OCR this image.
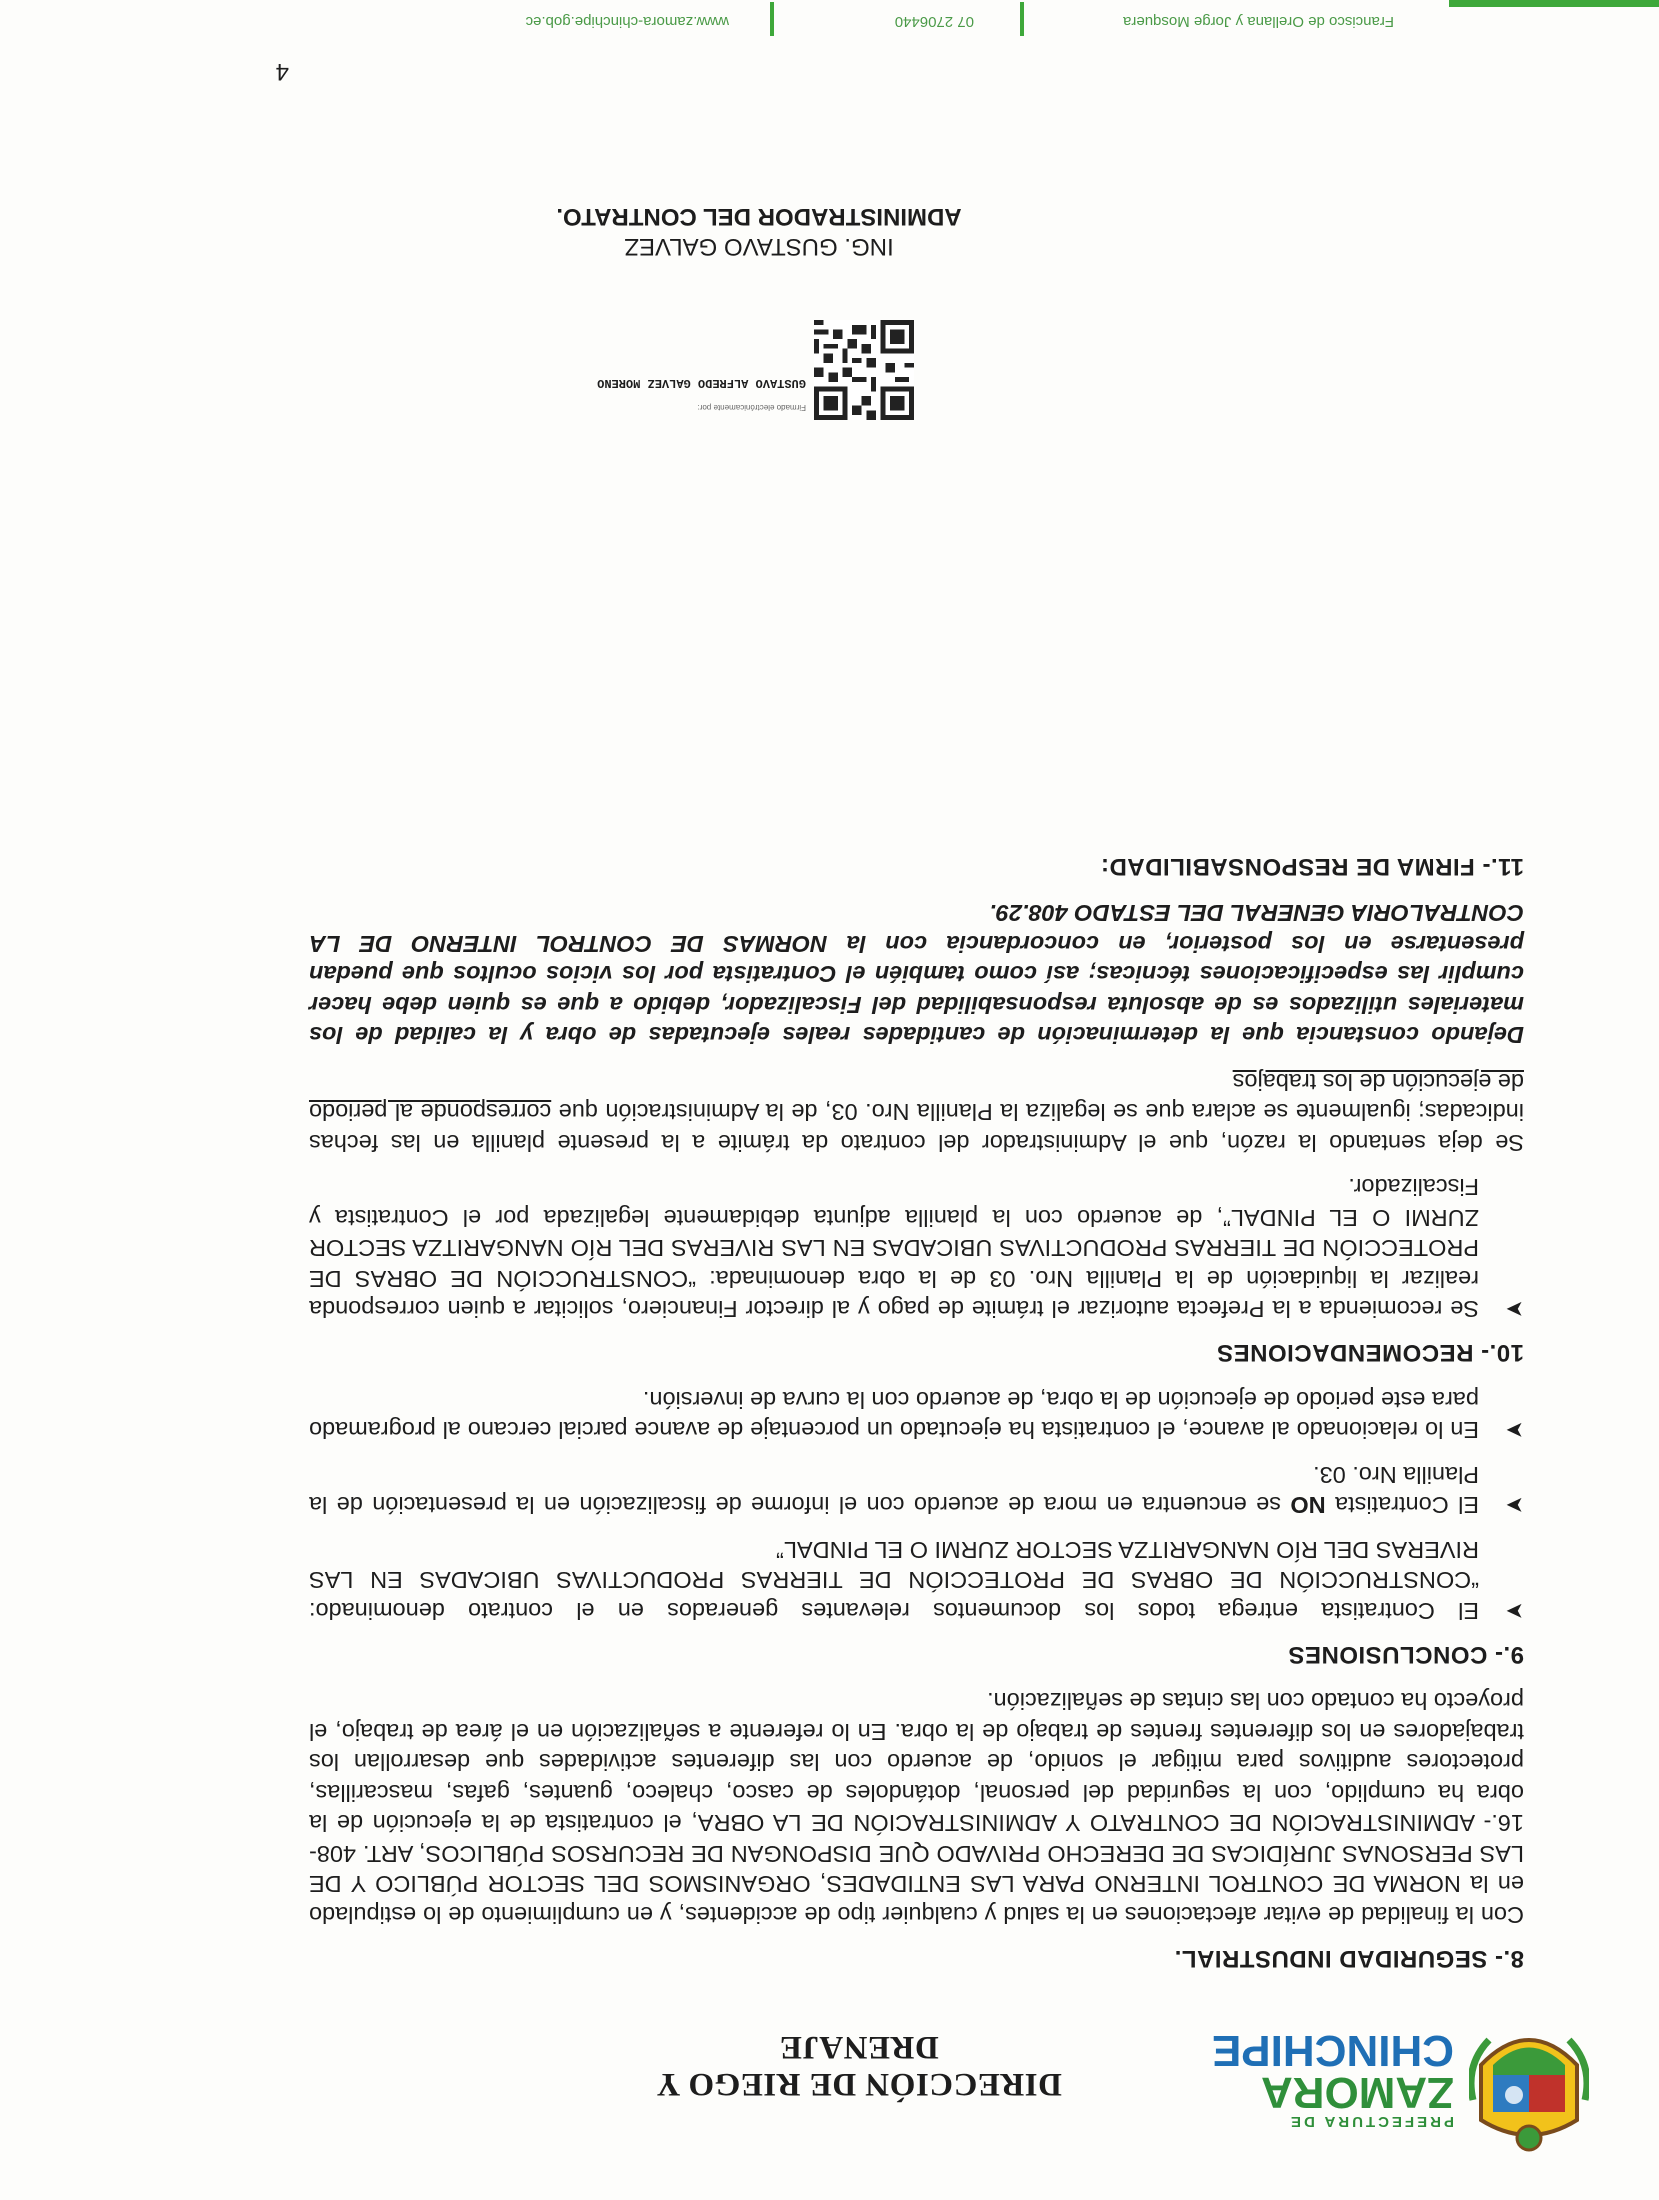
PREFECTURA DE
ZAMORA
CHINCHIPE
DIRECCIÓN DE RIEGO Y DRENAJE
8.- SEGURIDAD INDUSTRIAL.

Con la finalidad de evitar afectaciones en la salud y cualquier tipo de accidentes, y en cumplimiento de lo estipulado en la NORMA DE CONTROL INTERNO PARA LAS ENTIDADES, ORGANISMOS DEL SECTOR PÚBLICO Y DE LAS PERSONAS JURÍDICAS DE DERECHO PRIVADO QUE DISPONGAN DE RECURSOS PÚBLICOS, ART. 408-16.- ADMINISTRACIÓN DE CONTRATO Y ADMINISTRACIÓN DE LA OBRA, el contratista de la ejecución de la obra ha cumplido, con la seguridad del personal, dotándoles de casco, chaleco, guantes, gafas, mascarillas, protectores auditivos para mitigar el sonido, de acuerdo con las diferentes actividades que desarrollan los trabajadores en los diferentes frentes de trabajo de la obra. En lo referente a señalización en el área de trabajo, el proyecto ha contado con las cintas de señalización.

9.- CONCLUSIONES
➤
El Contratista entrega todos los documentos relevantes generados en el contrato denominado: “CONSTRUCCIÓN DE OBRAS DE PROTECCIÓN DE TIERRAS PRODUCTIVAS UBICADAS EN LAS RIVERAS DEL RÍO NANGARITZA SECTOR ZURMI O EL PINDAL”
➤
El Contratista NO se encuentra en mora de acuerdo con el informe de fiscalización en la presentación de la Planilla Nro. 03.
➤
En lo relacionado al avance, el contratista ha ejecutado un porcentaje de avance parcial cercano al programado para este periodo de ejecución de la obra, de acuerdo con la curva de inversión.
10.- RECOMENDACIONES
➤
Se recomienda a la Prefecta autorizar el trámite de pago y al director Financiero, solicitar a quien corresponda realizar la liquidación de la Planilla Nro. 03 de la obra denominada: “CONSTRUCCIÓN DE OBRAS DE PROTECCIÓN DE TIERRAS PRODUCTIVAS UBICADAS EN LAS RIVERAS DEL RÍO NANGARITZA SECTOR ZURMI O EL PINDAL”, de acuerdo con la planilla adjunta debidamente legalizada por el Contratista y Fiscalizador.

Se deja sentando la razón, que el Administrador del contrato da trámite a la presente planilla en las fechas indicadas; igualmente se aclara que se legaliza la Planilla Nro. 03, de la Administración que corresponde al periodo de ejecución de los trabajos

Dejando constancia que la determinación de cantidades reales ejecutadas de obra y la calidad de los materiales utilizados es de absoluta responsabilidad del Fiscalizador, debido a que es quien debe hacer cumplir las especificaciones técnicas; así como también el Contratista por los vicios ocultos que puedan presentarse en los posterior, en concordancia con la NORMAS DE CONTROL INTERNO DE LA CONTRALORIA GENERAL DEL ESTADO 408.29.

11.- FIRMA DE RESPONSABILIDAD:
Firmado electrónicamente por:
GUSTAVO ALFREDO GALVEZ MORENO
ING. GUSTAVO GALVEZ
ADMINISTRADOR DEL CONTRATO.
4
Francisco de Orellana y Jorge Mosquera
07 2706440
www.zamora-chinchipe.gob.ec
